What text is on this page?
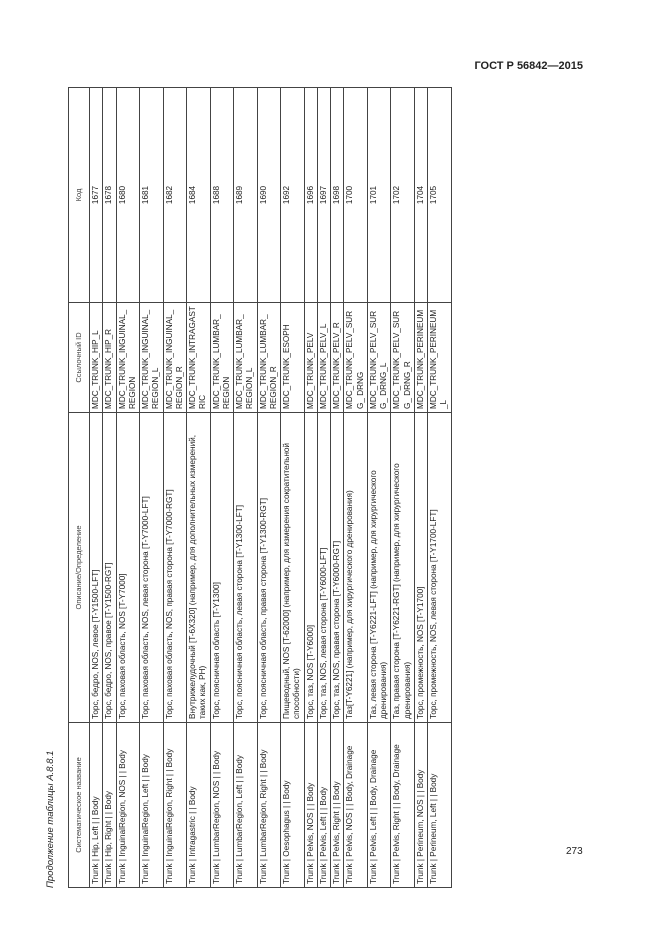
ГОСТ Р 56842—2015
Продолжение таблицы А.8.8.1	Систематическое название	Описание/Определение	Ссылочный ID	Код
Trunk | Hip, Left | | Body	Торс, бедро, NOS, левое [T-Y1500-LFT]	MDC_TRUNK_HIP_L	1677
Trunk | Hip, Right | | Body	Торс, бедро, NOS, правое [T-Y1500-RGT]	MDC_TRUNK_HIP_R	1678
Trunk | InguinalRegion, NOS | | Body	Торс, паховая область, NOS [T-Y7000]	MDC_TRUNK_INGUINAL_ REGION	1680
Trunk | InguinalRegion, Left | | Body	Торс, паховая область, NOS, левая сторона [T-Y7000-LFT]	MDC_TRUNK_INGUINAL_ REGION_L	1681
Trunk | InguinalRegion, Right | | Body	Торс, паховая область, NOS, правая сторона [T-Y7000-RGT]	MDC_TRUNK_INGUINAL_ REGION_R	1682
Trunk | Intragastric | | Body	Внутрижелудочный [T-6X320] (например, для дополнительных измерений, таких как, PH)	MDC_TRUNK_INTRAGASTRIC	1684
Trunk | LumbarRegion, NOS | | Body	Торс, поясничная область [T-Y1300]	MDC_TRUNK_LUMBAR_ REGION	1688
Trunk | LumbarRegion, Left | | Body	Торс, поясничная область, левая сторона [T-Y1300-LFT]	MDC_TRUNK_LUMBAR_ REGION_L	1689
Trunk | LumbarRegion, Right | | Body	Торс, поясничная область, правая сторона [T-Y1300-RGT]	MDC_TRUNK_LUMBAR_ REGION_R	1690
Trunk | Oesophagus | | Body	Пищеводный, NOS [T-62000] (например, для измерения сократительной способности)	MDC_TRUNK_ESOPH	1692
Trunk | Pelvis, NOS | | Body	Торс, таз, NOS [T-Y6000]	MDC_TRUNK_PELV	1696
Trunk | Pelvis, Left | | Body	Торс, таз, NOS, левая сторона [T-Y6000-LFT]	MDC_TRUNK_PELV_L	1697
Trunk | Pelvis, Right | | Body	Торс, таз, NOS, правая сторона [T-Y6000-RGT]	MDC_TRUNK_PELV_R	1698
Trunk | Pelvis, NOS | | Body, Drainage	Таз[T-Y6221] (например, для хирургического дренирования)	MDC_TRUNK_PELV_SURG_ DRNG	1700
Trunk | Pelvis, Left | | Body, Drainage	Таз, левая сторона [T-Y6221-LFT] (например, для хирургического дренирования)	MDC_TRUNK_PELV_SURG_ DRNG_L	1701
Trunk | Pelvis, Right | | Body, Drainage	Таз, правая сторона [T-Y6221-RGT] (например, для хирургического дренирования)	MDC_TRUNK_PELV_SURG_ DRNG_R	1702
Trunk | Perineum, NOS | | Body	Торс, промежность, NOS [T-Y1700]	MDC_TRUNK_PERINEUM	1704
Trunk | Perineum, Left | | Body	Торс, промежность, NOS, левая сторона [T-Y1700-LFT]	MDC_TRUNK_PERINEUM_L	1705
273
